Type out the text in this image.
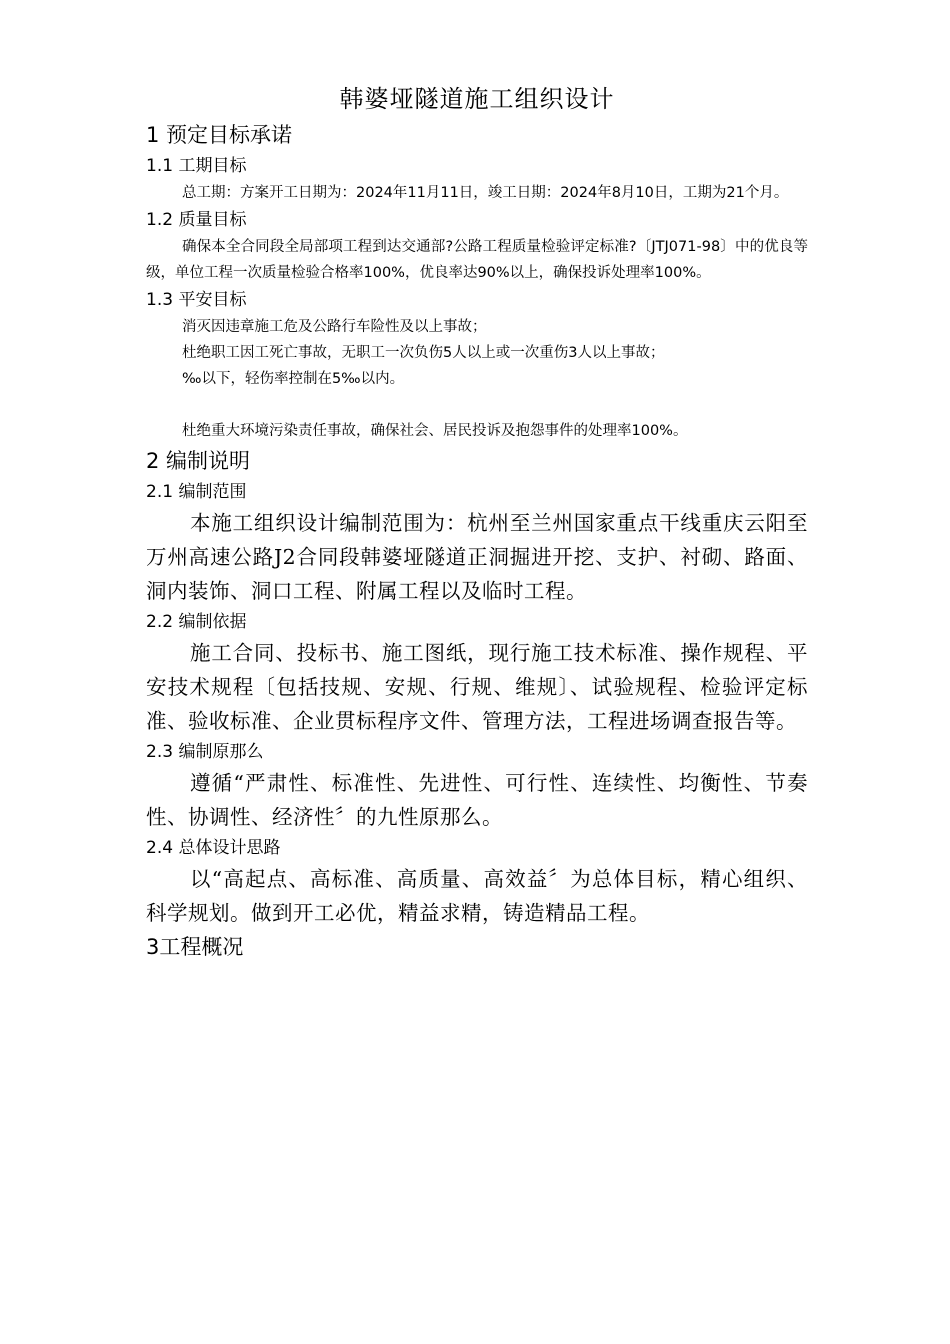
韩婆垭隧道施工组织设计
1 预定目标承诺
1.1 工期目标

总工期：方案开工日期为：2024年11月11日，竣工日期：2024年8月10日，工期为21个月。

1.2 质量目标

确保本全合同段全局部项工程到达交通部?公路工程质量检验评定标准?〔JTJ071-98〕中的优良等级，单位工程一次质量检验合格率100%，优良率达90%以上，确保投诉处理率100%。

1.3 平安目标

消灭因违章施工危及公路行车险性及以上事故；

杜绝职工因工死亡事故，无职工一次负伤5人以上或一次重伤3人以上事故；

‰以下，轻伤率控制在5‰以内。

杜绝重大环境污染责任事故，确保社会、居民投诉及抱怨事件的处理率100%。

2 编制说明
2.1 编制范围

本施工组织设计编制范围为：杭州至兰州国家重点干线重庆云阳至万州高速公路J2合同段韩婆垭隧道正洞掘进开挖、支护、衬砌、路面、洞内装饰、洞口工程、附属工程以及临时工程。

2.2 编制依据

施工合同、投标书、施工图纸，现行施工技术标准、操作规程、平安技术规程〔包括技规、安规、行规、维规〕、试验规程、检验评定标准、验收标准、企业贯标程序文件、管理方法，工程进场调查报告等。

2.3 编制原那么

遵循“严肃性、标准性、先进性、可行性、连续性、均衡性、节奏性、协调性、经济性〞的九性原那么。

2.4 总体设计思路

以“高起点、高标准、高质量、高效益〞为总体目标，精心组织、科学规划。做到开工必优，精益求精，铸造精品工程。

3工程概况
